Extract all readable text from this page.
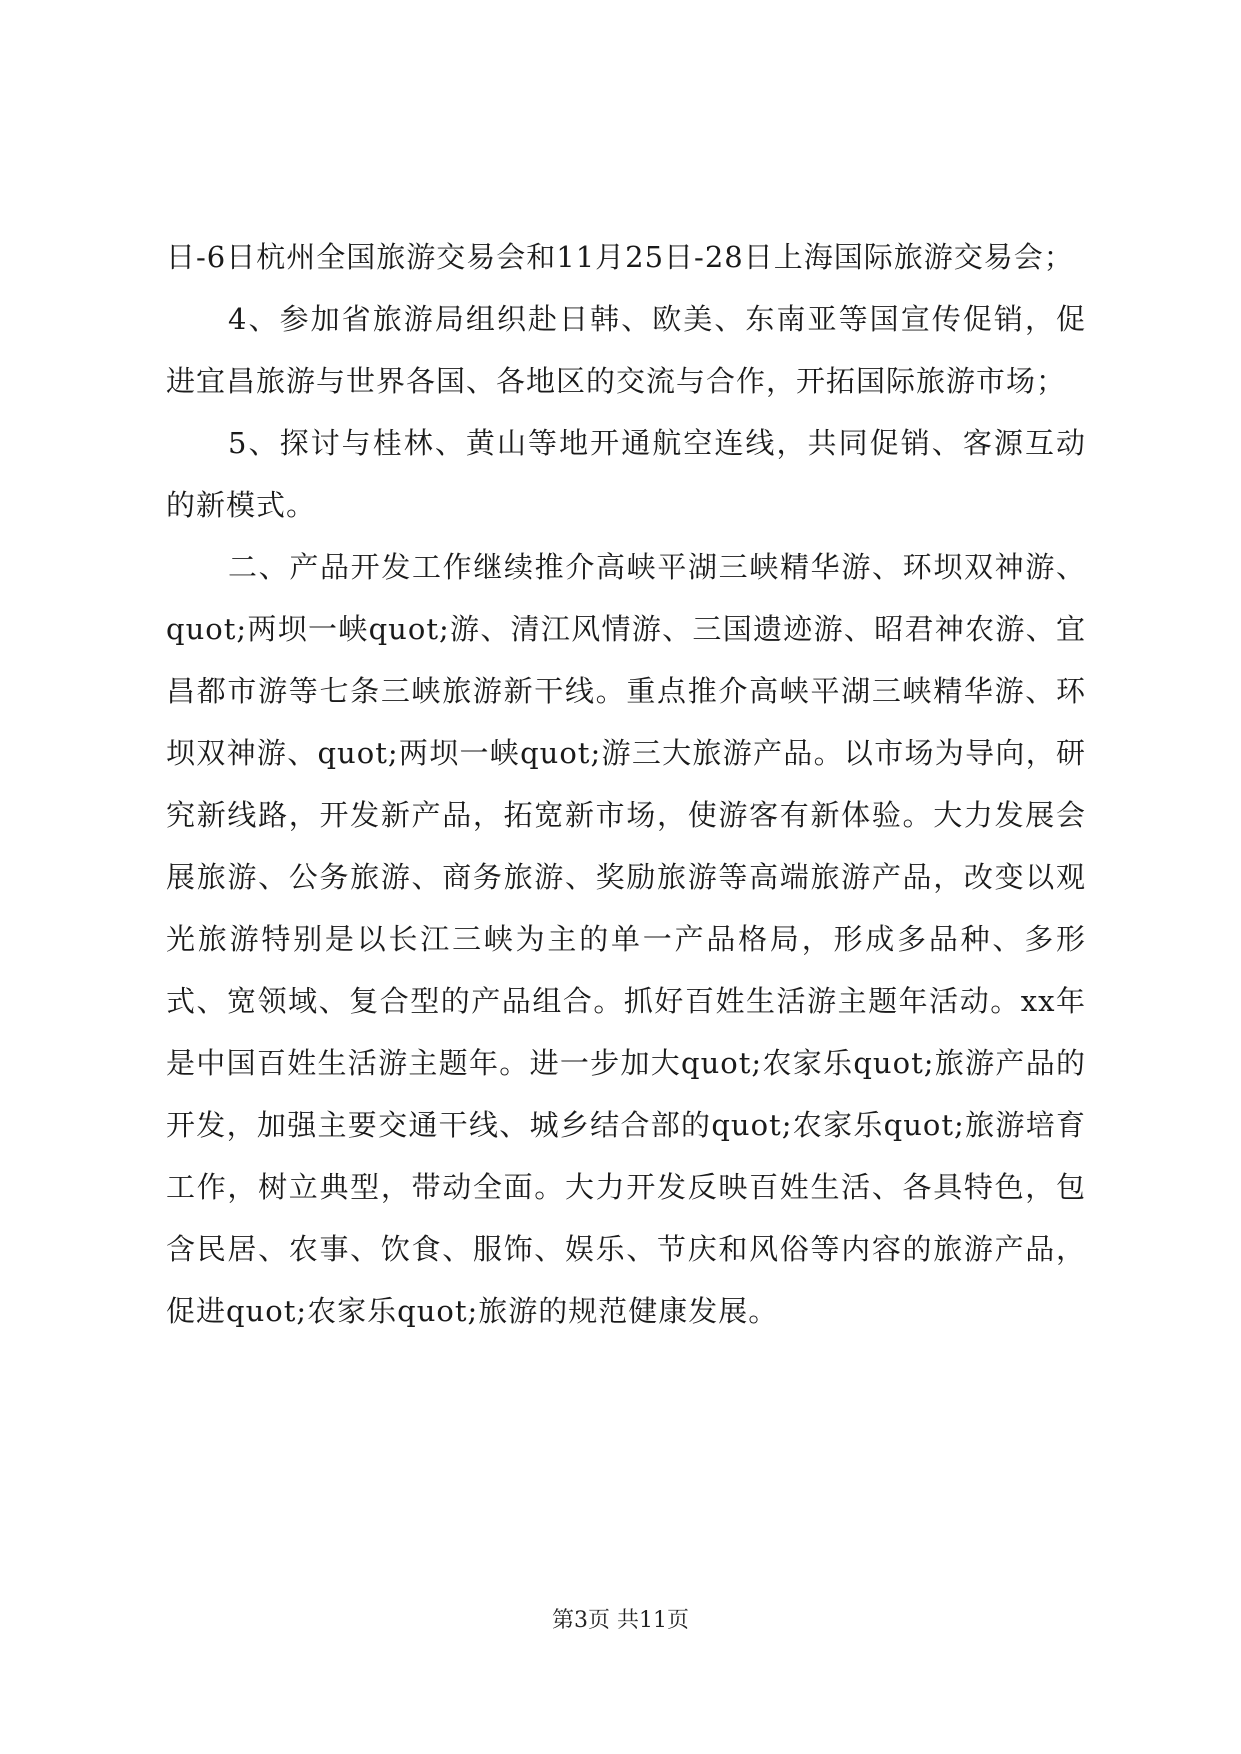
日-6日杭州全国旅游交易会和11月25日-28日上海国际旅游交易会；

4、参加省旅游局组织赴日韩、欧美、东南亚等国宣传促销，促进宜昌旅游与世界各国、各地区的交流与合作，开拓国际旅游市场；

5、探讨与桂林、黄山等地开通航空连线，共同促销、客源互动的新模式。

二、产品开发工作继续推介高峡平湖三峡精华游、环坝双神游、quot;两坝一峡quot;游、清江风情游、三国遗迹游、昭君神农游、宜昌都市游等七条三峡旅游新干线。重点推介高峡平湖三峡精华游、环坝双神游、quot;两坝一峡quot;游三大旅游产品。以市场为导向，研究新线路，开发新产品，拓宽新市场，使游客有新体验。大力发展会展旅游、公务旅游、商务旅游、奖励旅游等高端旅游产品，改变以观光旅游特别是以长江三峡为主的单一产品格局，形成多品种、多形式、宽领域、复合型的产品组合。抓好百姓生活游主题年活动。xx年是中国百姓生活游主题年。进一步加大quot;农家乐quot;旅游产品的开发，加强主要交通干线、城乡结合部的quot;农家乐quot;旅游培育工作，树立典型，带动全面。大力开发反映百姓生活、各具特色，包含民居、农事、饮食、服饰、娱乐、节庆和风俗等内容的旅游产品，促进quot;农家乐quot;旅游的规范健康发展。

第3页 共11页
